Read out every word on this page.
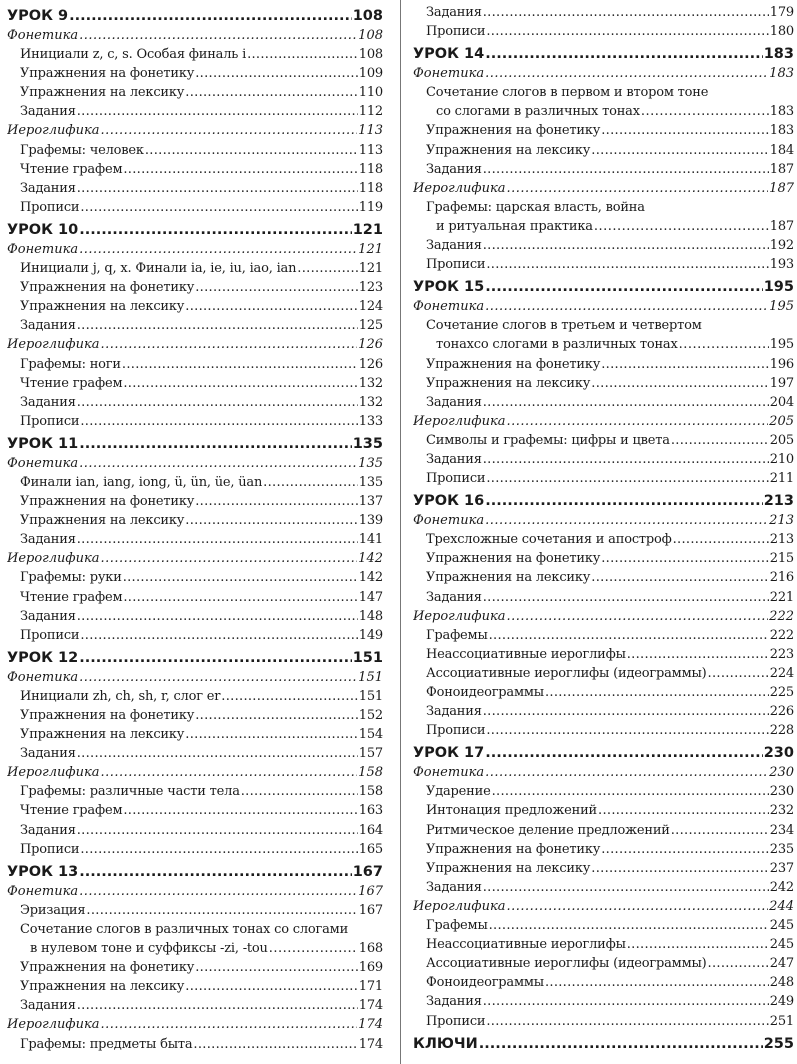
УРОК 9 .....	108
Фонетика .....	108
Инициали z, c, s. Особая финаль i .....	108
Упражнения на фонетику .....	109
Упражнения на лексику .....	110
Задания .....	112
Иероглифика .....	113
Графемы: человек .....	113
Чтение графем .....	118
Задания .....	118
Прописи .....	119
УРОК 10 .....	121
Фонетика .....	121
Инициали j, q, x. Финали ia, ie, iu, iao, ian .....	121
Упражнения на фонетику .....	123
Упражнения на лексику .....	124
Задания .....	125
Иероглифика .....	126
Графемы: ноги .....	126
Чтение графем .....	132
Задания .....	132
Прописи .....	133
УРОК 11 .....	135
Фонетика .....	135
Финали ian, iang, iong, ü, ün, üe, üan .....	135
Упражнения на фонетику .....	137
Упражнения на лексику .....	139
Задания .....	141
Иероглифика .....	142
Графемы: руки .....	142
Чтение графем .....	147
Задания .....	148
Прописи .....	149
УРОК 12 .....	151
Фонетика .....	151
Инициали zh, ch, sh, r, слог er .....	151
Упражнения на фонетику .....	152
Упражнения на лексику .....	154
Задания .....	157
Иероглифика .....	158
Графемы: различные части тела .....	158
Чтение графем .....	163
Задания .....	164
Прописи .....	165
УРОК 13 .....	167
Фонетика .....	167
Эризация .....	167
Сочетание слогов в различных тонах со слогами
в нулевом тоне и суффиксы -zi, -tou .....	168
Упражнения на фонетику .....	169
Упражнения на лексику .....	171
Задания .....	174
Иероглифика .....	174
Графемы: предметы быта .....	174
Задания .....	179
Прописи .....	180
УРОК 14 .....	183
Фонетика .....	183
Сочетание слогов в первом и втором тоне
со слогами в различных тонах .....	183
Упражнения на фонетику .....	183
Упражнения на лексику .....	184
Задания .....	187
Иероглифика .....	187
Графемы: царская власть, война
и ритуальная практика .....	187
Задания .....	192
Прописи .....	193
УРОК 15 .....	195
Фонетика .....	195
Сочетание слогов в третьем и четвертом
тонахсо слогами в различных тонах .....	195
Упражнения на фонетику .....	196
Упражнения на лексику .....	197
Задания .....	204
Иероглифика .....	205
Символы и графемы: цифры и цвета .....	205
Задания .....	210
Прописи .....	211
УРОК 16 .....	213
Фонетика .....	213
Трехсложные сочетания и апостроф .....	213
Упражнения на фонетику .....	215
Упражнения на лексику .....	216
Задания .....	221
Иероглифика .....	222
Графемы .....	222
Неассоциативные иероглифы .....	223
Ассоциативные иероглифы (идеограммы) .....	224
Фоноидеограммы .....	225
Задания .....	226
Прописи .....	228
УРОК 17 .....	230
Фонетика .....	230
Ударение .....	230
Интонация предложений .....	232
Ритмическое деление предложений .....	234
Упражнения на фонетику .....	235
Упражнения на лексику .....	237
Задания .....	242
Иероглифика .....	244
Графемы .....	245
Неассоциативные иероглифы .....	245
Ассоциативные иероглифы (идеограммы) .....	247
Фоноидеограммы .....	248
Задания .....	249
Прописи .....	251
КЛЮЧИ .....	255
